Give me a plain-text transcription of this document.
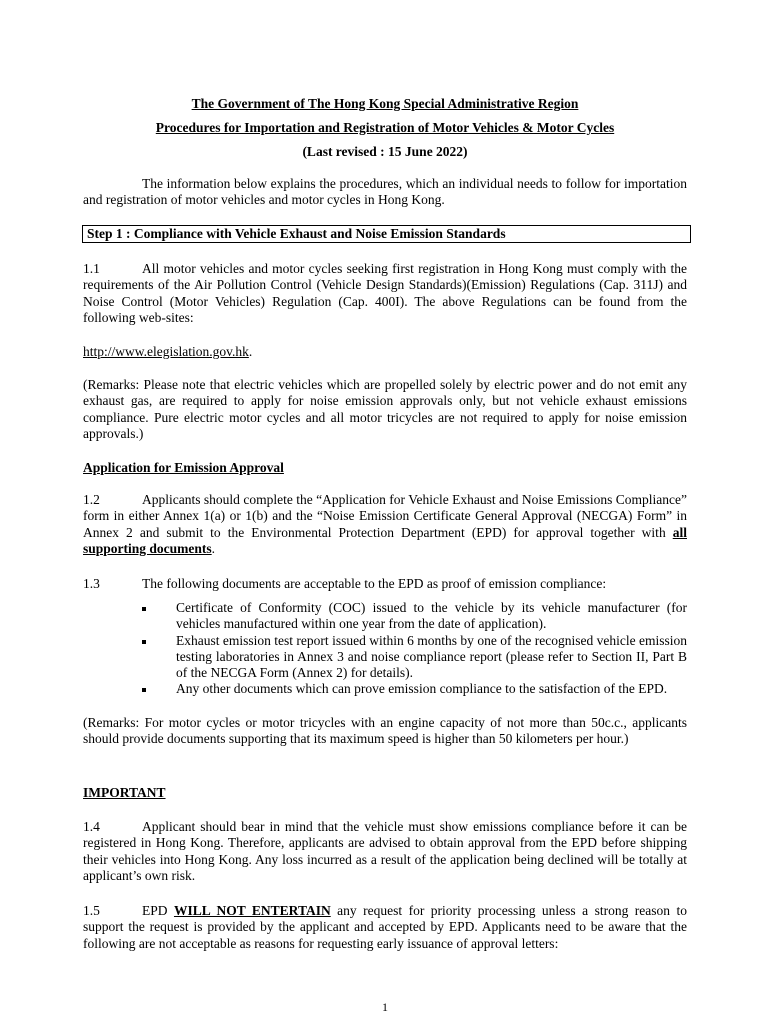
The Government of The Hong Kong Special Administrative Region
Procedures for Importation and Registration of Motor Vehicles & Motor Cycles
(Last revised : 15 June 2022)
The information below explains the procedures, which an individual needs to follow for importation and registration of motor vehicles and motor cycles in Hong Kong.
Step 1 : Compliance with Vehicle Exhaust and Noise Emission Standards
1.1	All motor vehicles and motor cycles seeking first registration in Hong Kong must comply with the requirements of the Air Pollution Control (Vehicle Design Standards)(Emission) Regulations (Cap. 311J) and Noise Control (Motor Vehicles) Regulation (Cap. 400I). The above Regulations can be found from the following web-sites:
http://www.elegislation.gov.hk.
(Remarks: Please note that electric vehicles which are propelled solely by electric power and do not emit any exhaust gas, are required to apply for noise emission approvals only, but not vehicle exhaust emissions compliance. Pure electric motor cycles and all motor tricycles are not required to apply for noise emission approvals.)
Application for Emission Approval
1.2	Applicants should complete the “Application for Vehicle Exhaust and Noise Emissions Compliance” form in either Annex 1(a) or 1(b) and the “Noise Emission Certificate General Approval (NECGA) Form” in Annex 2 and submit to the Environmental Protection Department (EPD) for approval together with all supporting documents.
1.3	The following documents are acceptable to the EPD as proof of emission compliance:
Certificate of Conformity (COC) issued to the vehicle by its vehicle manufacturer (for vehicles manufactured within one year from the date of application).
Exhaust emission test report issued within 6 months by one of the recognised vehicle emission testing laboratories in Annex 3 and noise compliance report (please refer to Section II, Part B of the NECGA Form (Annex 2) for details).
Any other documents which can prove emission compliance to the satisfaction of the EPD.
(Remarks: For motor cycles or motor tricycles with an engine capacity of not more than 50c.c., applicants should provide documents supporting that its maximum speed is higher than 50 kilometers per hour.)
IMPORTANT
1.4	Applicant should bear in mind that the vehicle must show emissions compliance before it can be registered in Hong Kong. Therefore, applicants are advised to obtain approval from the EPD before shipping their vehicles into Hong Kong. Any loss incurred as a result of the application being declined will be totally at applicant’s own risk.
1.5	EPD WILL NOT ENTERTAIN any request for priority processing unless a strong reason to support the request is provided by the applicant and accepted by EPD. Applicants need to be aware that the following are not acceptable as reasons for requesting early issuance of approval letters:
1
